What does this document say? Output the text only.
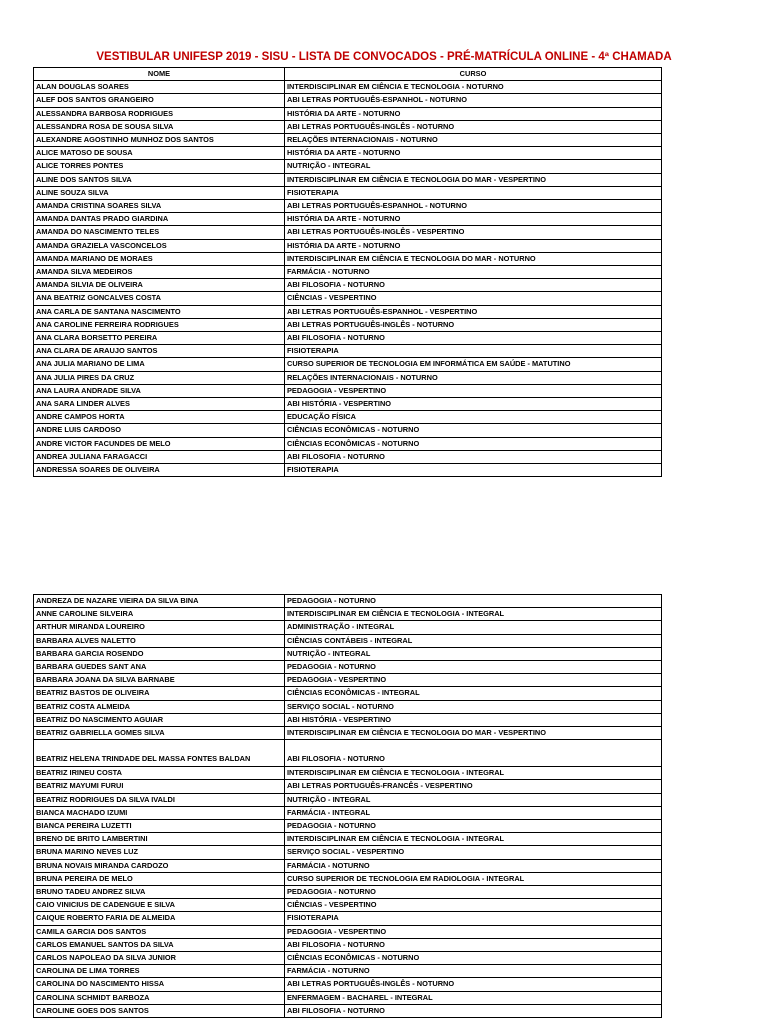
VESTIBULAR UNIFESP 2019 - SISU - LISTA DE CONVOCADOS - PRÉ-MATRÍCULA ONLINE - 4ª CHAMADA
NOME	CURSO
ALAN DOUGLAS SOARES	INTERDISCIPLINAR EM CIÊNCIA E TECNOLOGIA - NOTURNO
ALEF DOS SANTOS GRANGEIRO	ABI LETRAS PORTUGUÊS-ESPANHOL - NOTURNO
ALESSANDRA BARBOSA RODRIGUES	HISTÓRIA DA ARTE - NOTURNO
ALESSANDRA ROSA DE SOUSA SILVA	ABI LETRAS PORTUGUÊS-INGLÊS - NOTURNO
ALEXANDRE AGOSTINHO MUNHOZ DOS SANTOS	RELAÇÕES INTERNACIONAIS - NOTURNO
ALICE MATOSO DE SOUSA	HISTÓRIA DA ARTE - NOTURNO
ALICE TORRES PONTES	NUTRIÇÃO - INTEGRAL
ALINE DOS SANTOS SILVA	INTERDISCIPLINAR EM CIÊNCIA E TECNOLOGIA DO MAR - VESPERTINO
ALINE SOUZA SILVA	FISIOTERAPIA
AMANDA CRISTINA SOARES SILVA	ABI LETRAS PORTUGUÊS-ESPANHOL - NOTURNO
AMANDA DANTAS PRADO GIARDINA	HISTÓRIA DA ARTE - NOTURNO
AMANDA DO NASCIMENTO TELES	ABI LETRAS PORTUGUÊS-INGLÊS - VESPERTINO
AMANDA GRAZIELA VASCONCELOS	HISTÓRIA DA ARTE - NOTURNO
AMANDA MARIANO DE MORAES	INTERDISCIPLINAR EM CIÊNCIA E TECNOLOGIA DO MAR - NOTURNO
AMANDA SILVA MEDEIROS	FARMÁCIA - NOTURNO
AMANDA SILVIA DE OLIVEIRA	ABI FILOSOFIA - NOTURNO
ANA BEATRIZ GONCALVES COSTA	CIÊNCIAS - VESPERTINO
ANA CARLA DE SANTANA NASCIMENTO	ABI LETRAS PORTUGUÊS-ESPANHOL - VESPERTINO
ANA CAROLINE FERREIRA RODRIGUES	ABI LETRAS PORTUGUÊS-INGLÊS - NOTURNO
ANA CLARA BORSETTO PEREIRA	ABI FILOSOFIA - NOTURNO
ANA CLARA DE ARAUJO SANTOS	FISIOTERAPIA
ANA JULIA MARIANO DE LIMA	CURSO SUPERIOR DE TECNOLOGIA EM INFORMÁTICA EM SAÚDE - MATUTINO
ANA JULIA PIRES DA CRUZ	RELAÇÕES INTERNACIONAIS - NOTURNO
ANA LAURA ANDRADE SILVA	PEDAGOGIA - VESPERTINO
ANA SARA LINDER ALVES	ABI HISTÓRIA - VESPERTINO
ANDRE CAMPOS HORTA	EDUCAÇÃO FÍSICA
ANDRE LUIS CARDOSO	CIÊNCIAS ECONÔMICAS - NOTURNO
ANDRE VICTOR FACUNDES DE MELO	CIÊNCIAS ECONÔMICAS - NOTURNO
ANDREA JULIANA FARAGACCI	ABI FILOSOFIA - NOTURNO
ANDRESSA SOARES DE OLIVEIRA	FISIOTERAPIA
ANDREZA DE NAZARE VIEIRA DA SILVA BINA	PEDAGOGIA - NOTURNO
ANNE CAROLINE SILVEIRA	INTERDISCIPLINAR EM CIÊNCIA E TECNOLOGIA - INTEGRAL
ARTHUR MIRANDA LOUREIRO	ADMINISTRAÇÃO - INTEGRAL
BARBARA ALVES NALETTO	CIÊNCIAS CONTÁBEIS - INTEGRAL
BARBARA GARCIA ROSENDO	NUTRIÇÃO - INTEGRAL
BARBARA GUEDES SANT ANA	PEDAGOGIA - NOTURNO
BARBARA JOANA DA SILVA BARNABE	PEDAGOGIA - VESPERTINO
BEATRIZ BASTOS DE OLIVEIRA	CIÊNCIAS ECONÔMICAS - INTEGRAL
BEATRIZ COSTA ALMEIDA	SERVIÇO SOCIAL - NOTURNO
BEATRIZ DO NASCIMENTO AGUIAR	ABI HISTÓRIA - VESPERTINO
BEATRIZ GABRIELLA GOMES SILVA	INTERDISCIPLINAR EM CIÊNCIA E TECNOLOGIA DO MAR - VESPERTINO
BEATRIZ HELENA TRINDADE DEL MASSA FONTES BALDAN	ABI FILOSOFIA - NOTURNO
BEATRIZ IRINEU COSTA	INTERDISCIPLINAR EM CIÊNCIA E TECNOLOGIA - INTEGRAL
BEATRIZ MAYUMI FURUI	ABI LETRAS PORTUGUÊS-FRANCÊS - VESPERTINO
BEATRIZ RODRIGUES DA SILVA IVALDI	NUTRIÇÃO - INTEGRAL
BIANCA MACHADO IZUMI	FARMÁCIA - INTEGRAL
BIANCA PEREIRA LUZETTI	PEDAGOGIA - NOTURNO
BRENO DE BRITO LAMBERTINI	INTERDISCIPLINAR EM CIÊNCIA E TECNOLOGIA - INTEGRAL
BRUNA MARINO NEVES LUZ	SERVIÇO SOCIAL - VESPERTINO
BRUNA NOVAIS MIRANDA CARDOZO	FARMÁCIA - NOTURNO
BRUNA PEREIRA DE MELO	CURSO SUPERIOR DE TECNOLOGIA EM RADIOLOGIA - INTEGRAL
BRUNO TADEU ANDREZ SILVA	PEDAGOGIA - NOTURNO
CAIO VINICIUS DE CADENGUE E SILVA	CIÊNCIAS - VESPERTINO
CAIQUE ROBERTO FARIA DE ALMEIDA	FISIOTERAPIA
CAMILA GARCIA DOS SANTOS	PEDAGOGIA - VESPERTINO
CARLOS EMANUEL SANTOS DA SILVA	ABI FILOSOFIA - NOTURNO
CARLOS NAPOLEAO DA SILVA JUNIOR	CIÊNCIAS ECONÔMICAS - NOTURNO
CAROLINA DE LIMA TORRES	FARMÁCIA - NOTURNO
CAROLINA DO NASCIMENTO HISSA	ABI LETRAS PORTUGUÊS-INGLÊS - NOTURNO
CAROLINA SCHMIDT BARBOZA	ENFERMAGEM - BACHAREL - INTEGRAL
CAROLINE GOES DOS SANTOS	ABI FILOSOFIA - NOTURNO
